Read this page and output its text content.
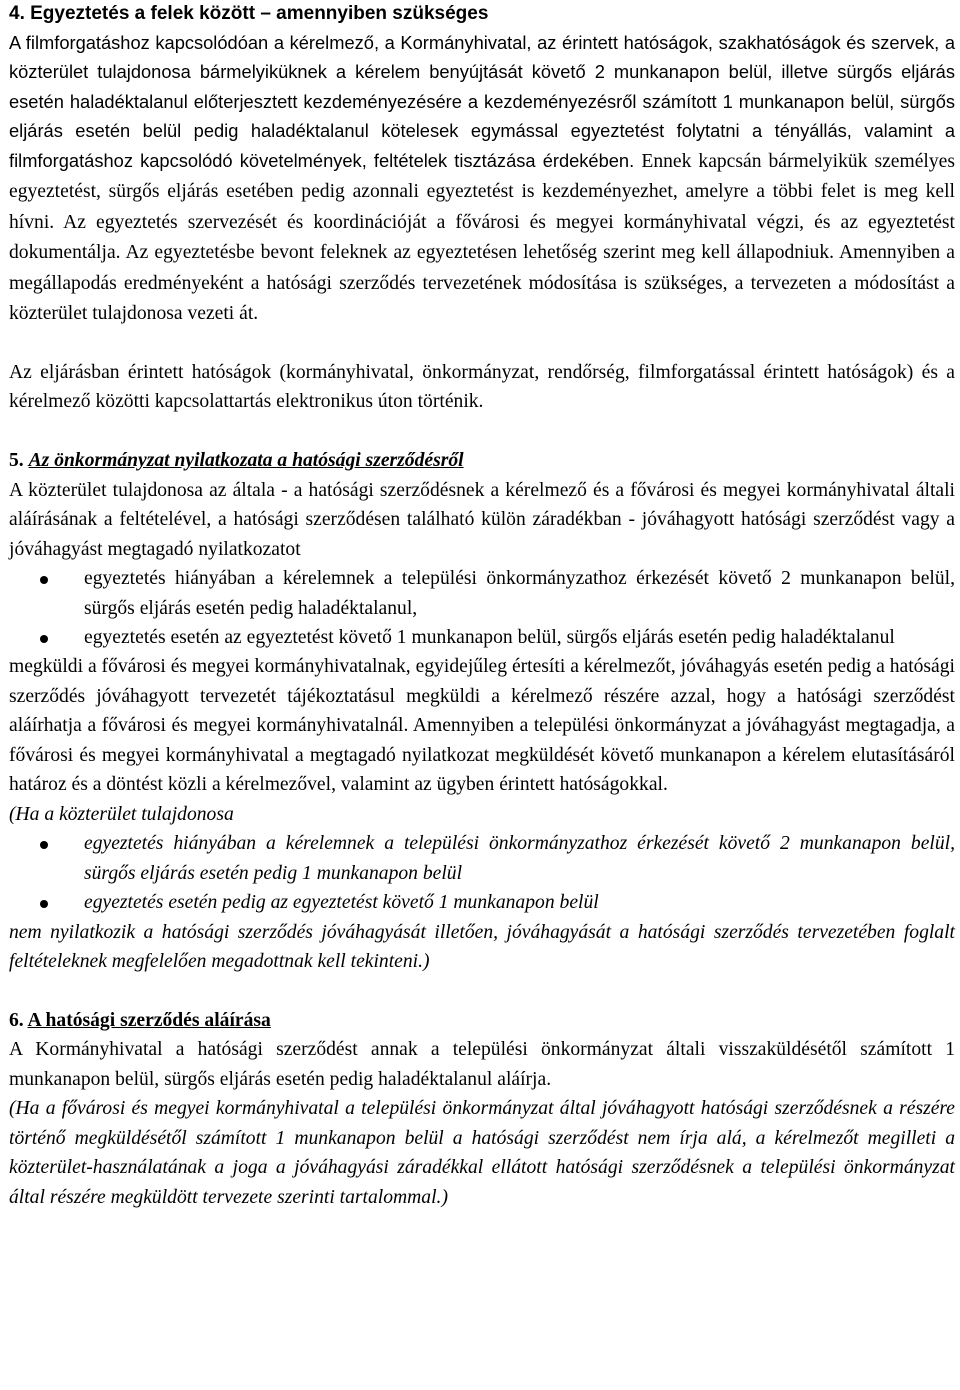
4. Egyeztetés a felek között – amennyiben szükséges

A filmforgatáshoz kapcsolódóan a kérelmező, a Kormányhivatal, az érintett hatóságok, szakhatóságok és szervek, a közterület tulajdonosa bármelyiküknek a kérelem benyújtását követő 2 munkanapon belül, illetve sürgős eljárás esetén haladéktalanul előterjesztett kezdeményezésére a kezdeményezésről számított 1 munkanapon belül, sürgős eljárás esetén belül pedig haladéktalanul kötelesek egymással egyeztetést folytatni a tényállás, valamint a filmforgatáshoz kapcsolódó követelmények, feltételek tisztázása érdekében. Ennek kapcsán bármelyikük személyes egyeztetést, sürgős eljárás esetében pedig azonnali egyeztetést is kezdeményezhet, amelyre a többi felet is meg kell hívni. Az egyeztetés szervezését és koordinációját a fővárosi és megyei kormányhivatal végzi, és az egyeztetést dokumentálja. Az egyeztetésbe bevont feleknek az egyeztetésen lehetőség szerint meg kell állapodniuk. Amennyiben a megállapodás eredményeként a hatósági szerződés tervezetének módosítása is szükséges, a tervezeten a módosítást a közterület tulajdonosa vezeti át.

Az eljárásban érintett hatóságok (kormányhivatal, önkormányzat, rendőrség, filmforgatással érintett hatóságok) és a kérelmező közötti kapcsolattartás elektronikus úton történik.

5. Az önkormányzat nyilatkozata a hatósági szerződésről

A közterület tulajdonosa az általa - a hatósági szerződésnek a kérelmező és a fővárosi és megyei kormányhivatal általi aláírásának a feltételével, a hatósági szerződésen található külön záradékban - jóváhagyott hatósági szerződést vagy a jóváhagyást megtagadó nyilatkozatot

egyeztetés hiányában a kérelemnek a települési önkormányzathoz érkezését követő 2 munkanapon belül, sürgős eljárás esetén pedig haladéktalanul,
egyeztetés esetén az egyeztetést követő 1 munkanapon belül, sürgős eljárás esetén pedig haladéktalanul

megküldi a fővárosi és megyei kormányhivatalnak, egyidejűleg értesíti a kérelmezőt, jóváhagyás esetén pedig a hatósági szerződés jóváhagyott tervezetét tájékoztatásul megküldi a kérelmező részére azzal, hogy a hatósági szerződést aláírhatja a fővárosi és megyei kormányhivatalnál. Amennyiben a települési önkormányzat a jóváhagyást megtagadja, a fővárosi és megyei kormányhivatal a megtagadó nyilatkozat megküldését követő munkanapon a kérelem elutasításáról határoz és a döntést közli a kérelmezővel, valamint az ügyben érintett hatóságokkal.

(Ha a közterület tulajdonosa

egyeztetés hiányában a kérelemnek a települési önkormányzathoz érkezését követő 2 munkanapon belül, sürgős eljárás esetén pedig 1 munkanapon belül
egyeztetés esetén pedig az egyeztetést követő 1 munkanapon belül

nem nyilatkozik a hatósági szerződés jóváhagyását illetően, jóváhagyását a hatósági szerződés tervezetében foglalt feltételeknek megfelelően megadottnak kell tekinteni.)

6. A hatósági szerződés aláírása

A Kormányhivatal a hatósági szerződést annak a települési önkormányzat általi visszaküldésétől számított 1 munkanapon belül, sürgős eljárás esetén pedig haladéktalanul aláírja.

(Ha a fővárosi és megyei kormányhivatal a települési önkormányzat által jóváhagyott hatósági szerződésnek a részére történő megküldésétől számított 1 munkanapon belül a hatósági szerződést nem írja alá, a kérelmezőt megilleti a közterület-használatának a joga a jóváhagyási záradékkal ellátott hatósági szerződésnek a települési önkormányzat által részére megküldött tervezete szerinti tartalommal.)
